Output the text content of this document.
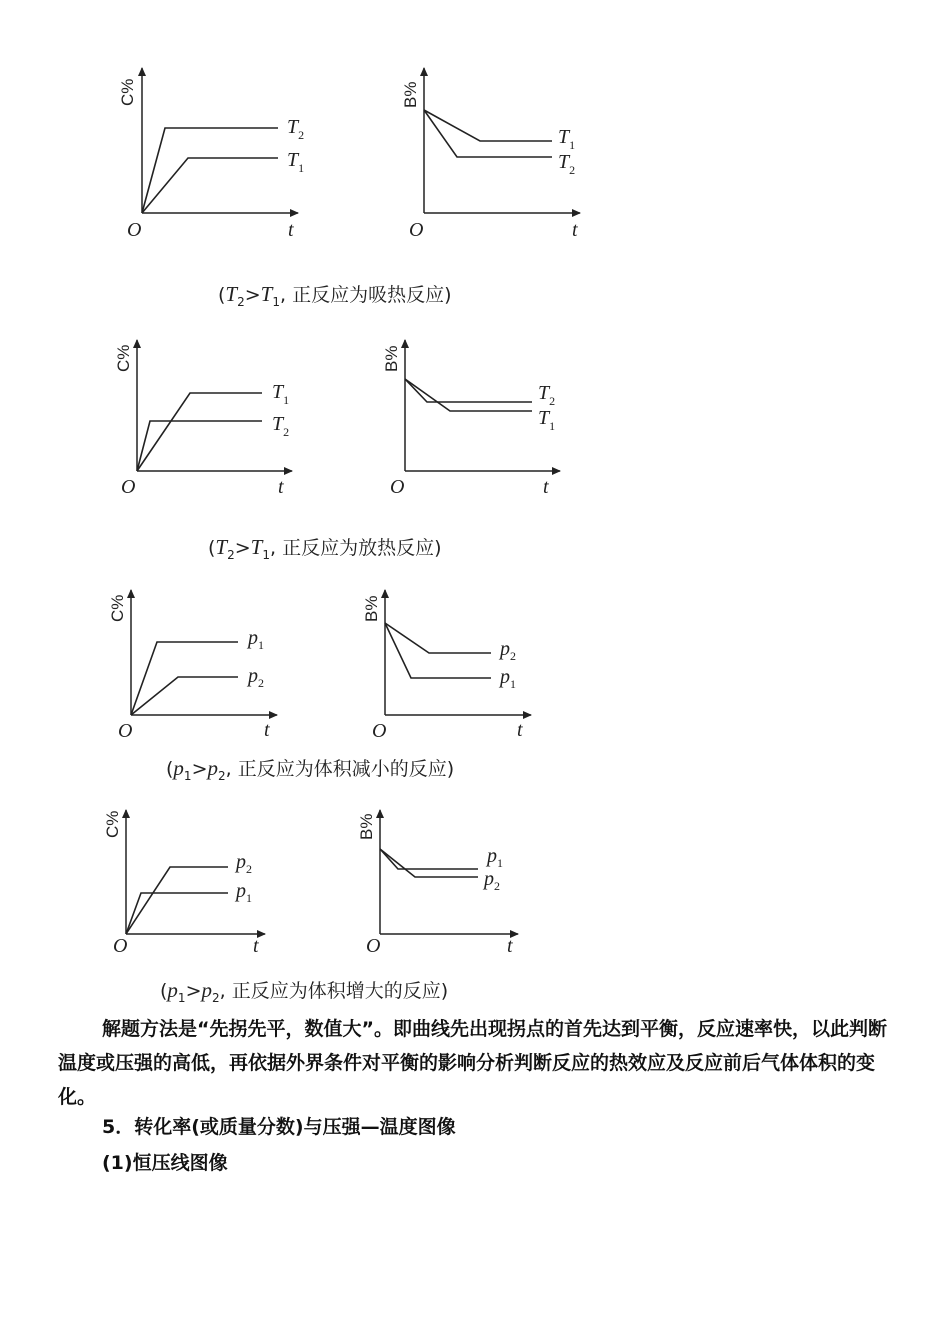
C%
O	t
$T_2$
$T_1$
B%
O	t
$T_1$
$T_2$
C%
O	t
$T_1$
$T_2$
B%
O	t
$T_2$
$T_1$
C%
O	t
$p_1$
$p_2$
B%
O	t
$p_2$
$p_1$
C%
O	t
$p_2$
$p_1$
B%
O	t
$p_1$
$p_2$
($T_2>T_1$, 正反应为吸热反应)
($T_2>T_1$, 正反应为放热反应)
($p_1>p_2$, 正反应为体积减小的反应)
($p_1>p_2$, 正反应为体积增大的反应)
解题方法是“先拐先平，数值大”。即曲线先出现拐点的首先达到平衡，反应速率快，以此判断温度或压强的高低，再依据外界条件对平衡的影响分析判断反应的热效应及反应前后气体体积的变化。
5．转化率(或质量分数)与压强—温度图像
(1)恒压线图像
